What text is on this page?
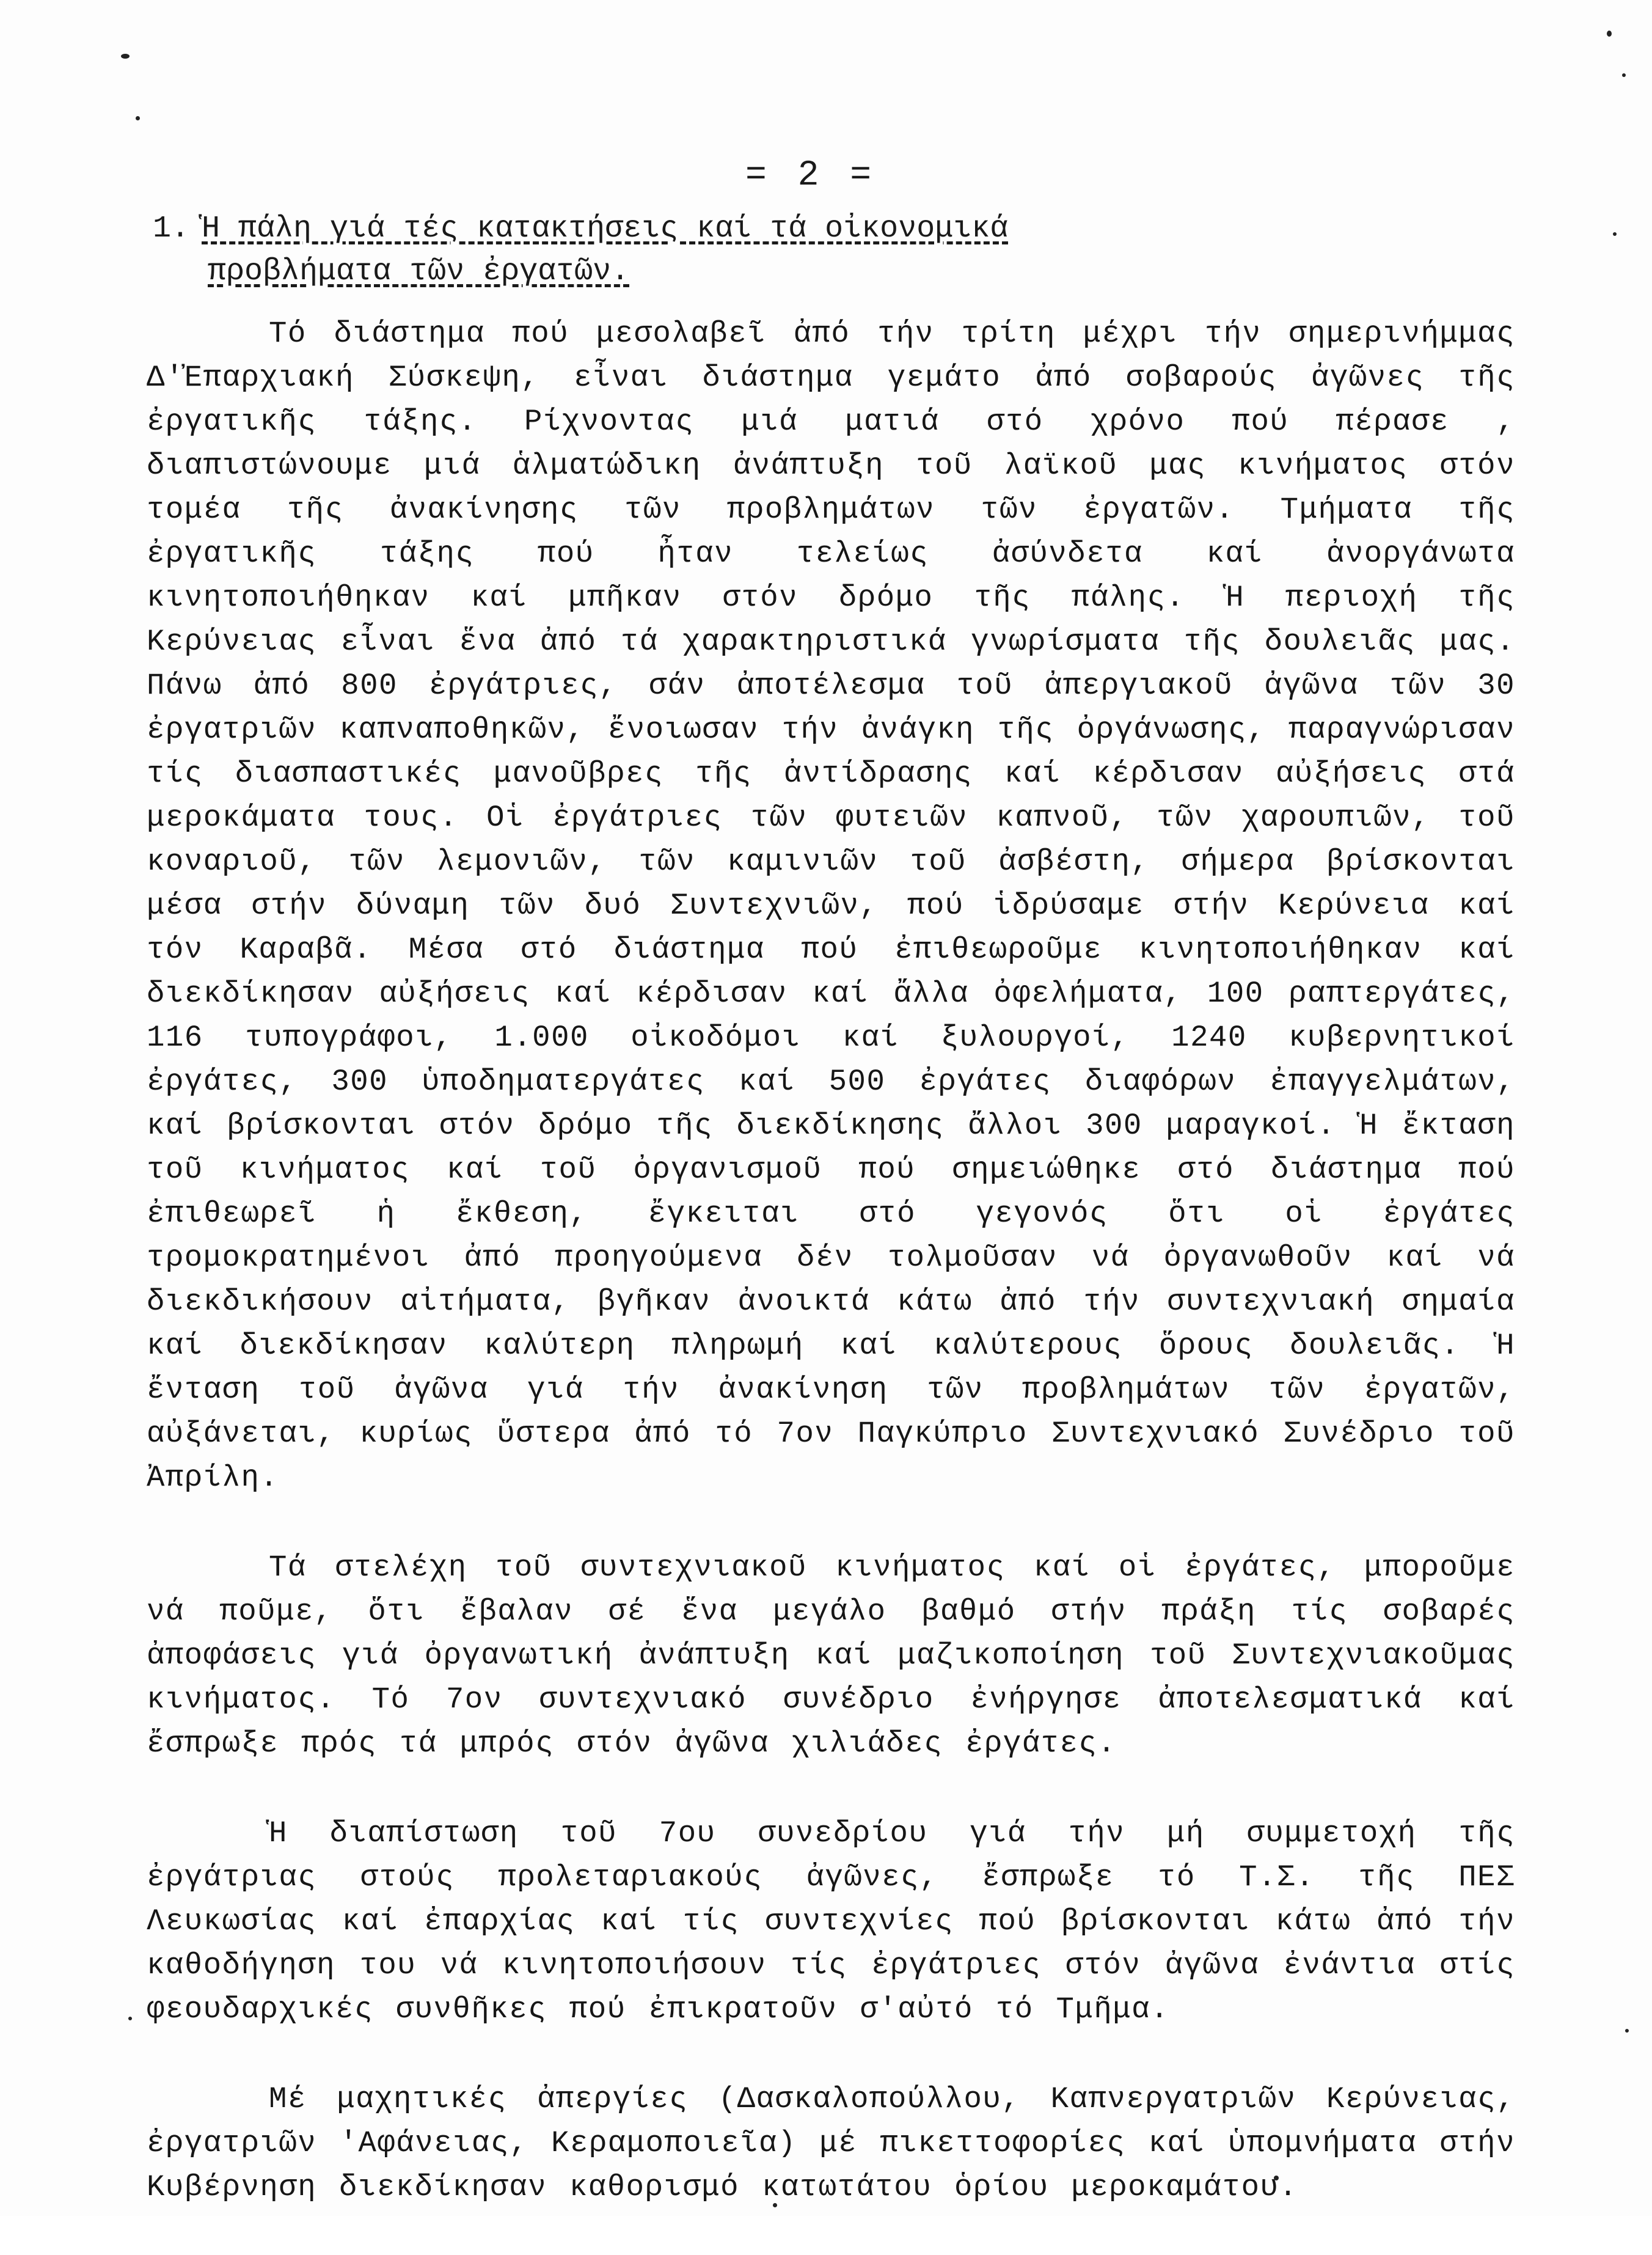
= 2 =
1. Ἡ πάλη γιά τές κατακτήσεις καί τά οἰκονομικά
προβλήματα τῶν ἐργατῶν.

Τό διάστημα πού μεσολαβεῖ ἀπό τήν τρίτη μέχρι τήν σημερινήμμας Δ'Ἐπαρχιακή Σύσκεψη, εἶναι διάστημα γεμάτο ἀπό σοβαρούς ἀγῶνες τῆς ἐργατικῆς τάξης. Ρίχνοντας μιά ματιά στό χρόνο πού πέρασε , διαπιστώνουμε μιά ἁλματώδικη ἀνάπτυξη τοῦ λαϊκοῦ μας κινήματος στόν τομέα τῆς ἀνακίνησης τῶν προβλημάτων τῶν ἐργατῶν. Τμήματα τῆς ἐργατικῆς τάξης πού ἦταν τελείως ἀσύνδετα καί ἀνοργάνωτα κινητοποιήθηκαν καί μπῆκαν στόν δρόμο τῆς πάλης. Ἡ περιοχή τῆς Κερύνειας εἶναι ἕνα ἀπό τά χαρακτηριστικά γνωρίσματα τῆς δουλειᾶς μας. Πάνω ἀπό 800 ἐργάτριες, σάν ἀποτέλεσμα τοῦ ἀπεργιακοῦ ἀγῶνα τῶν 30 ἐργατριῶν καπναποθηκῶν, ἔνοιωσαν τήν ἀνάγκη τῆς ὀργάνωσης, παραγνώρισαν τίς διασπαστικές μανοῦβρες τῆς ἀντίδρασης καί κέρδισαν αὐξήσεις στά μεροκάματα τους. Οἱ ἐργάτριες τῶν φυτειῶν καπνοῦ, τῶν χαρουπιῶν, τοῦ κοναριοῦ, τῶν λεμονιῶν, τῶν καμινιῶν τοῦ ἀσβέστη, σήμερα βρίσκονται μέσα στήν δύναμη τῶν δυό Συντεχνιῶν, πού ἱδρύσαμε στήν Κερύνεια καί τόν Καραβᾶ. Μέσα στό διάστημα πού ἐπιθεωροῦμε κινητοποιήθηκαν καί διεκδίκησαν αὐξήσεις καί κέρδισαν καί ἄλλα ὀφελήματα, 100 ραπτεργάτες, 116 τυπογράφοι, 1.000 οἰκοδόμοι καί ξυλουργοί, 1240 κυβερνητικοί ἐργάτες, 300 ὑποδηματεργάτες καί 500 ἐργάτες διαφόρων ἐπαγγελμάτων, καί βρίσκονται στόν δρόμο τῆς διεκδίκησης ἄλλοι 300 μαραγκοί. Ἡ ἔκταση τοῦ κινήματος καί τοῦ ὀργανισμοῦ πού σημειώθηκε στό διάστημα πού ἐπιθεωρεῖ ἡ ἔκθεση, ἔγκειται στό γεγονός ὅτι οἱ ἐργάτες τρομοκρατημένοι ἀπό προηγούμενα δέν τολμοῦσαν νά ὀργανωθοῦν καί νά διεκδικήσουν αἰτήματα, βγῆκαν ἀνοικτά κάτω ἀπό τήν συντεχνιακή σημαία καί διεκδίκησαν καλύτερη πληρωμή καί καλύτερους ὅρους δουλειᾶς. Ἡ ἔνταση τοῦ ἀγῶνα γιά τήν ἀνακίνηση τῶν προβλημάτων τῶν ἐργατῶν, αὐξάνεται, κυρίως ὕστερα ἀπό τό 7ον Παγκύπριο Συντεχνιακό Συνέδριο τοῦ Ἀπρίλη.

Τά στελέχη τοῦ συντεχνιακοῦ κινήματος καί οἱ ἐργάτες, μποροῦμε νά ποῦμε, ὅτι ἔβαλαν σέ ἕνα μεγάλο βαθμό στήν πράξη τίς σοβαρές ἀποφάσεις γιά ὀργανωτική ἀνάπτυξη καί μαζικοποίηση τοῦ Συντεχνιακοῦμας κινήματος. Τό 7ον συντεχνιακό συνέδριο ἐνήργησε ἀποτελεσματικά καί ἔσπρωξε πρός τά μπρός στόν ἀγῶνα χιλιάδες ἐργάτες.

Ἡ διαπίστωση τοῦ 7ου συνεδρίου γιά τήν μή συμμετοχή τῆς ἐργάτριας στούς προλεταριακούς ἀγῶνες, ἔσπρωξε τό Τ.Σ. τῆς ΠΕΣ Λευκωσίας καί ἐπαρχίας καί τίς συντεχνίες πού βρίσκονται κάτω ἀπό τήν καθοδήγηση του νά κινητοποιήσουν τίς ἐργάτριες στόν ἀγῶνα ἐνάντια στίς φεουδαρχικές συνθῆκες πού ἐπικρατοῦν σ'αὐτό τό Τμῆμα.

Μέ μαχητικές ἀπεργίες (Δασκαλοπούλλου, Καπνεργατριῶν Κερύνειας, ἐργατριῶν 'Αφάνειας, Κεραμοποιεῖα) μέ πικεττοφορίες καί ὑπομνήματα στήν Κυβέρνηση διεκδίκησαν καθορισμό κατωτάτου ὁρίου μεροκαμάτου.
